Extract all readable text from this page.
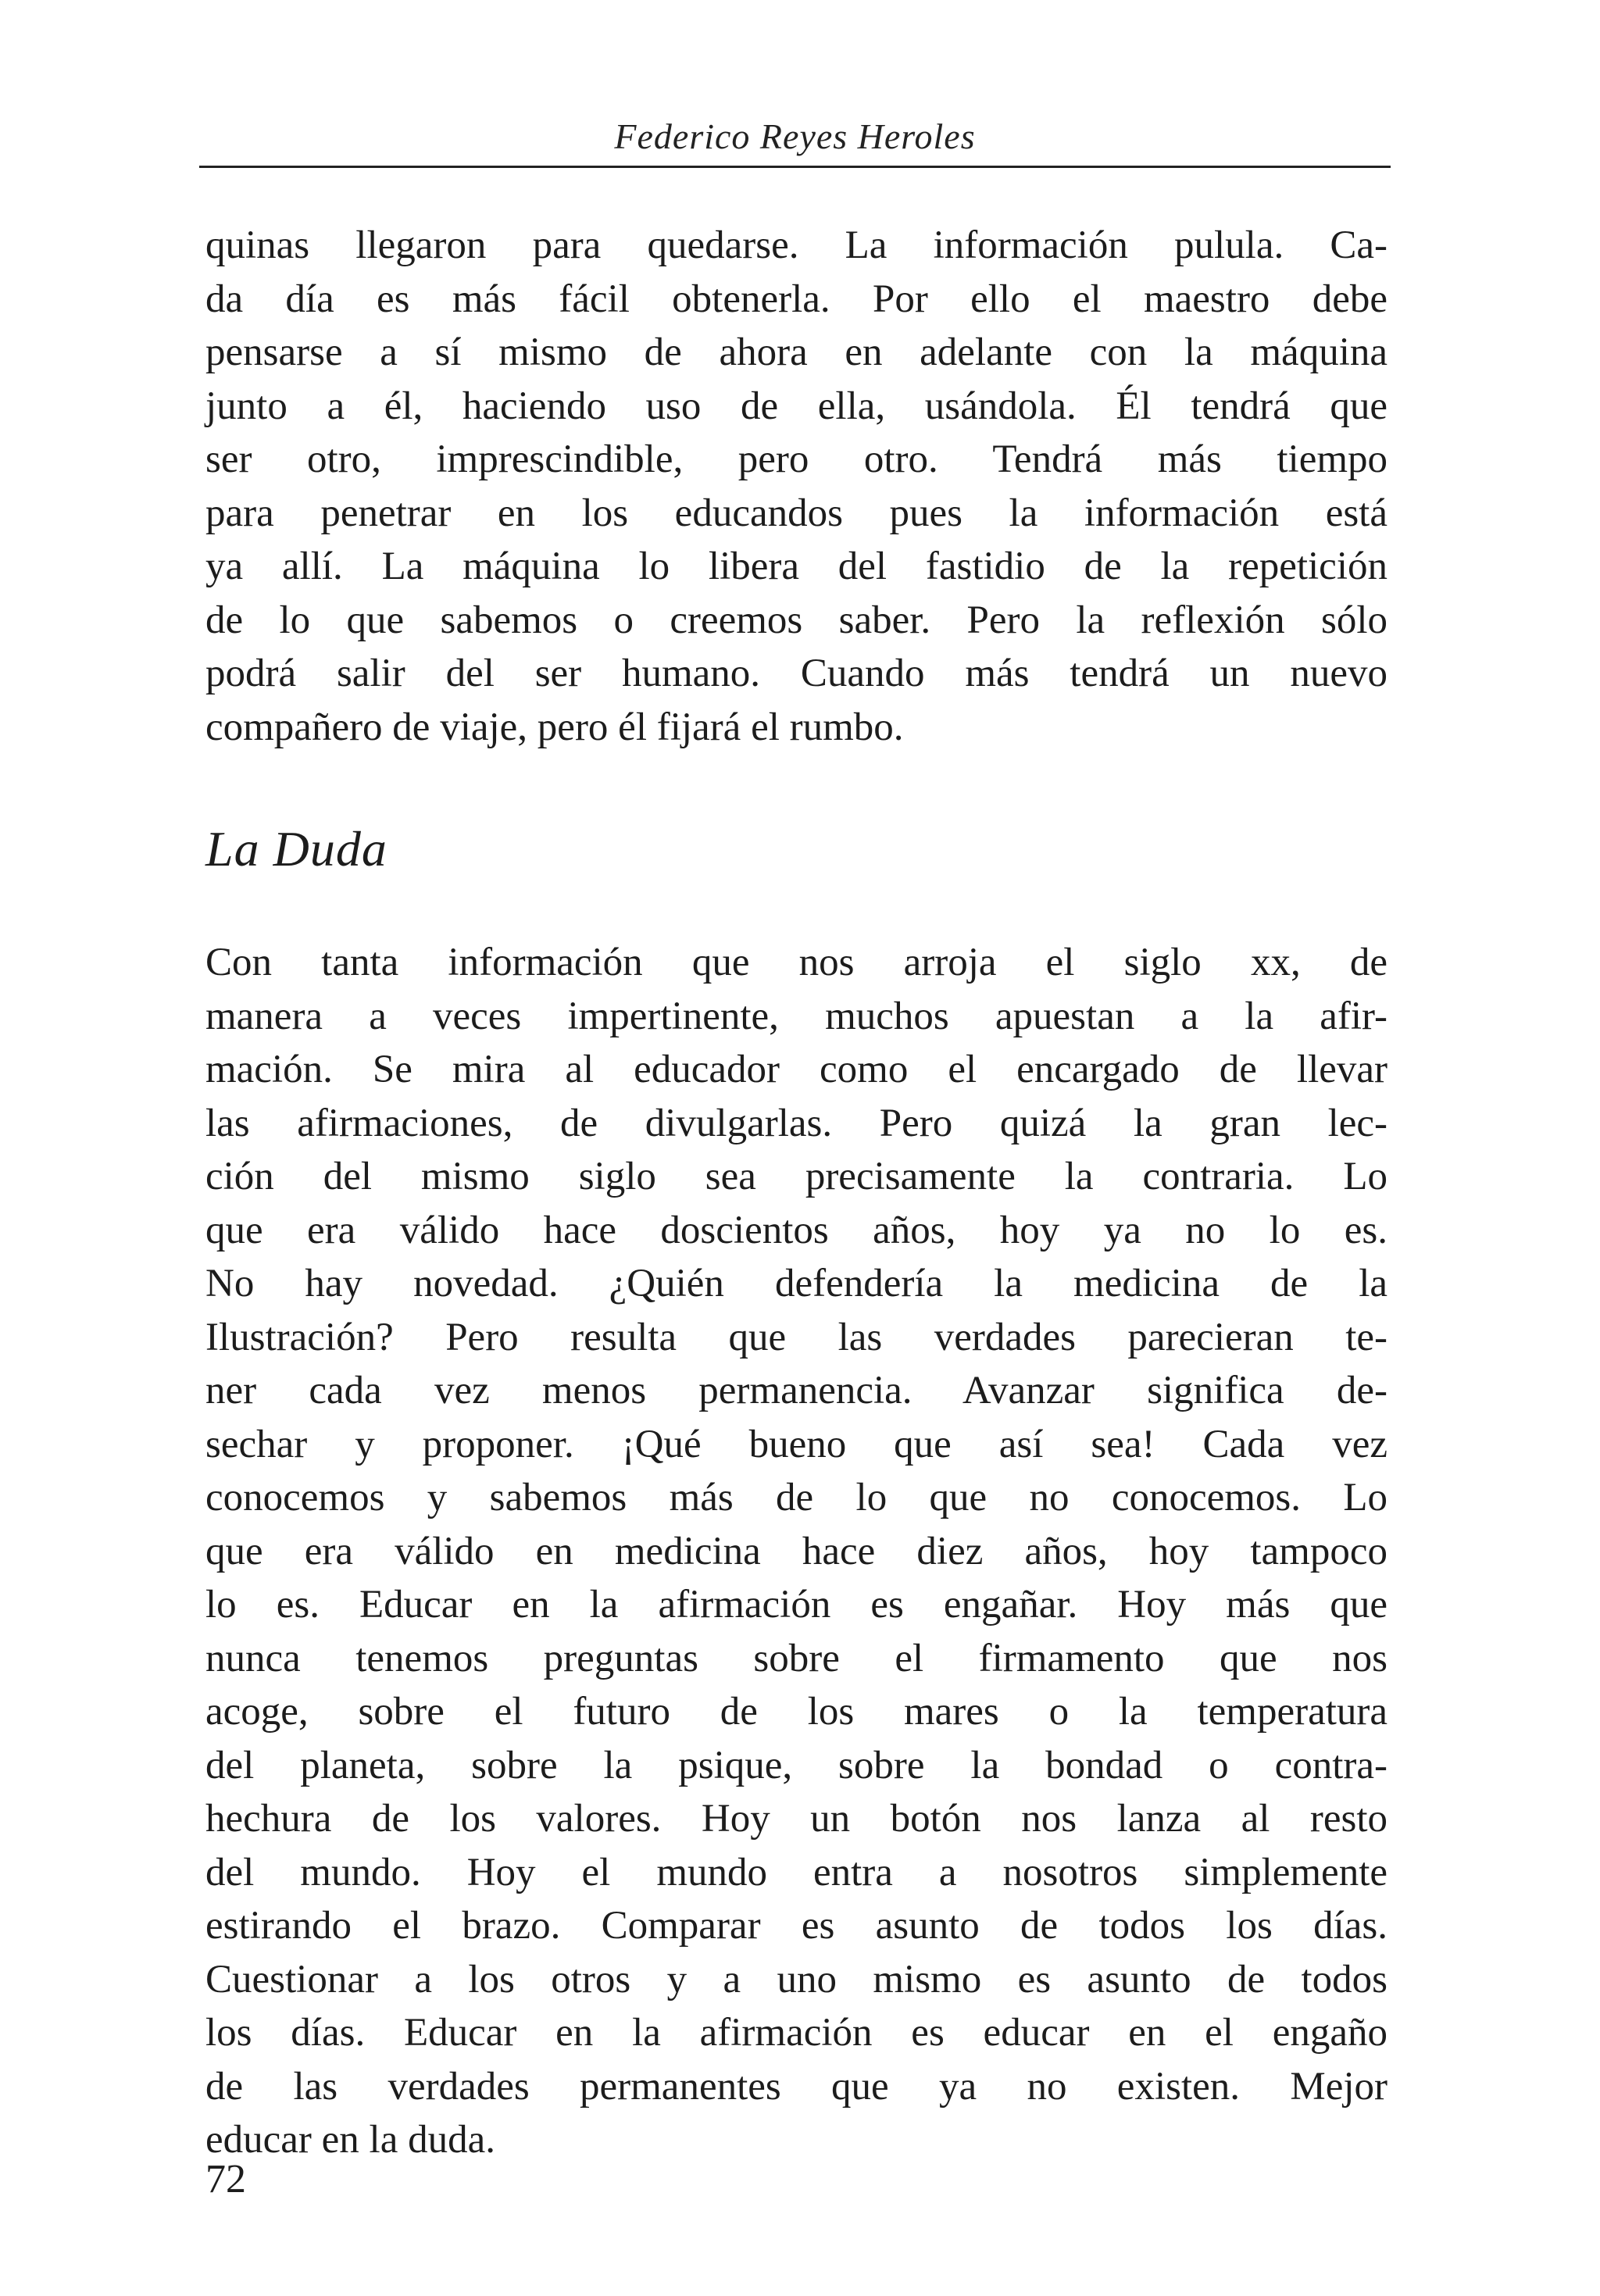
Federico Reyes Heroles
quinas llegaron para quedarse. La información pulula. Ca-
da día es más fácil obtenerla. Por ello el maestro debe
pensarse a sí mismo de ahora en adelante con la máquina
junto a él, haciendo uso de ella, usándola. Él tendrá que
ser otro, imprescindible, pero otro. Tendrá más tiempo
para penetrar en los educandos pues la información está
ya allí. La máquina lo libera del fastidio de la repetición
de lo que sabemos o creemos saber. Pero la reflexión sólo
podrá salir del ser humano. Cuando más tendrá un nuevo
compañero de viaje, pero él fijará el rumbo.
La Duda
Con tanta información que nos arroja el siglo xx, de
manera a veces impertinente, muchos apuestan a la afir-
mación. Se mira al educador como el encargado de llevar
las afirmaciones, de divulgarlas. Pero quizá la gran lec-
ción del mismo siglo sea precisamente la contraria. Lo
que era válido hace doscientos años, hoy ya no lo es.
No hay novedad. ¿Quién defendería la medicina de la
Ilustración? Pero resulta que las verdades parecieran te-
ner cada vez menos permanencia. Avanzar significa de-
sechar y proponer. ¡Qué bueno que así sea! Cada vez
conocemos y sabemos más de lo que no conocemos. Lo
que era válido en medicina hace diez años, hoy tampoco
lo es. Educar en la afirmación es engañar. Hoy más que
nunca tenemos preguntas sobre el firmamento que nos
acoge, sobre el futuro de los mares o la temperatura
del planeta, sobre la psique, sobre la bondad o contra-
hechura de los valores. Hoy un botón nos lanza al resto
del mundo. Hoy el mundo entra a nosotros simplemente
estirando el brazo. Comparar es asunto de todos los días.
Cuestionar a los otros y a uno mismo es asunto de todos
los días. Educar en la afirmación es educar en el engaño
de las verdades permanentes que ya no existen. Mejor
educar en la duda.
72
